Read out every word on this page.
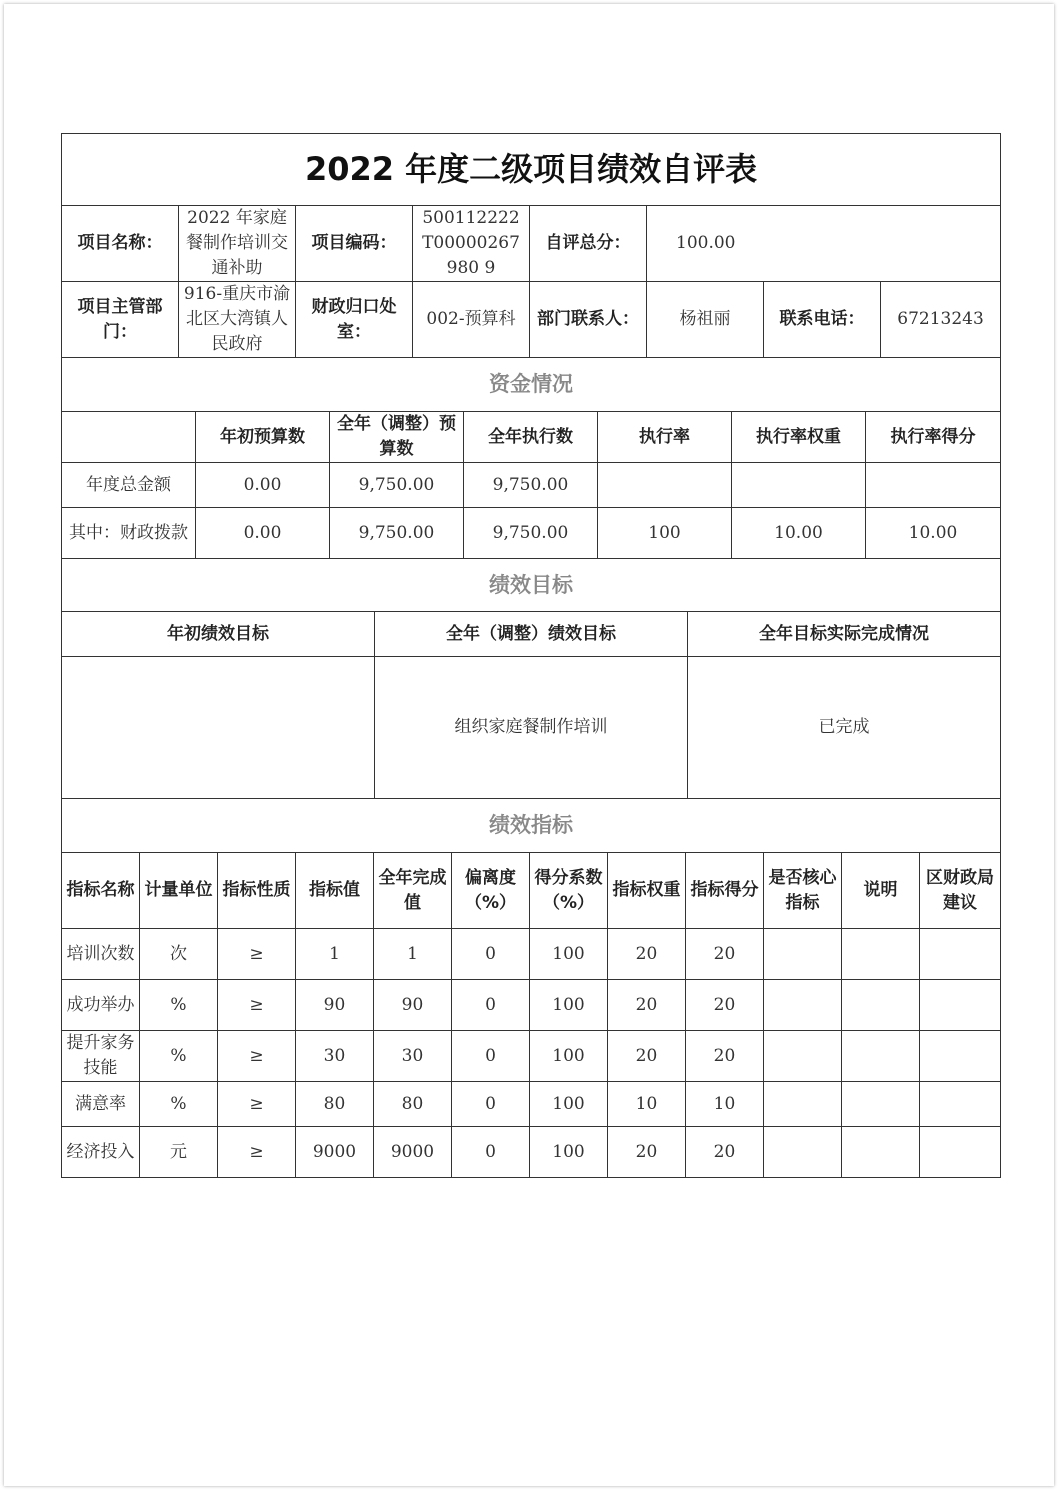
2022 年度二级项目绩效自评表							
项目名称：	2022 年家庭餐制作培训交通补助	项目编码：	500112222T00000267980 9	自评总分：	100.00		
项目主管部门：	916-重庆市渝北区大湾镇人民政府	财政归口处室：	002-预算科	部门联系人：	杨祖丽	联系电话：	67213243
资金情况						
	年初预算数	全年（调整）预算数	全年执行数	执行率	执行率权重	执行率得分
年度总金额	0.00	9,750.00	9,750.00			
其中：财政拨款	0.00	9,750.00	9,750.00	100	10.00	10.00
绩效目标		
年初绩效目标	全年（调整）绩效目标	全年目标实际完成情况
	组织家庭餐制作培训	已完成
绩效指标											
指标名称	计量单位	指标性质	指标值	全年完成值	偏离度（%）	得分系数（%）	指标权重	指标得分	是否核心指标	说明	区财政局建议
培训次数	次	≥	1	1	0	100	20	20			
成功举办	%	≥	90	90	0	100	20	20			
提升家务技能	%	≥	30	30	0	100	20	20			
满意率	%	≥	80	80	0	100	10	10			
经济投入	元	≥	9000	9000	0	100	20	20			
